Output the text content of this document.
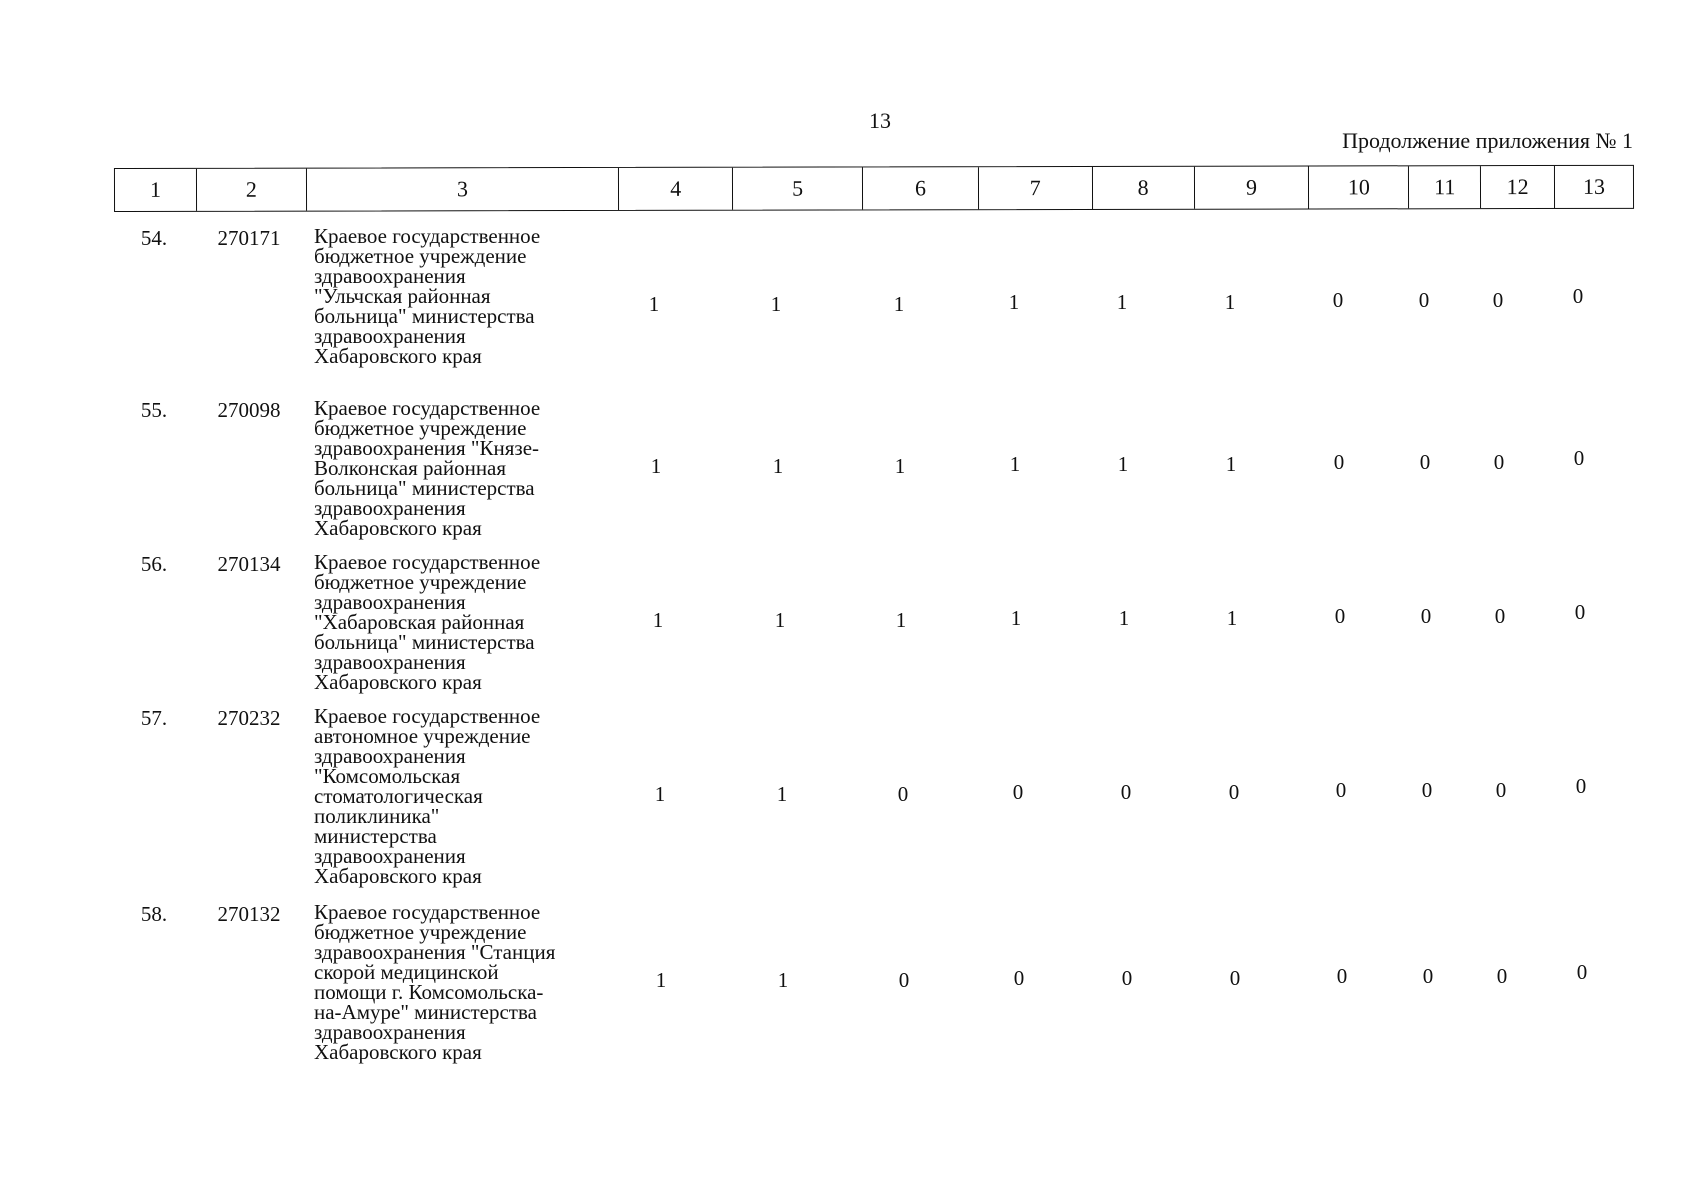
13
Продолжение приложения № 1
1	2	3	4	5	6	7	8	9	10	11	12	13
54.	270171	Краевое государственное
бюджетное учреждение
здравоохранения
"Ульчская районная
больница" министерства
здравоохранения
Хабаровского края
1	1	1	1	1	1	0	0	0	0
55.	270098	Краевое государственное
бюджетное учреждение
здравоохранения "Князе-
Волконская районная
больница" министерства
здравоохранения
Хабаровского края
1	1	1	1	1	1	0	0	0	0
56.	270134	Краевое государственное
бюджетное учреждение
здравоохранения
"Хабаровская районная
больница" министерства
здравоохранения
Хабаровского края
1	1	1	1	1	1	0	0	0	0
57.	270232	Краевое государственное
автономное учреждение
здравоохранения
"Комсомольская
стоматологическая
поликлиника"
министерства
здравоохранения
Хабаровского края
1	1	0	0	0	0	0	0	0	0
58.	270132	Краевое государственное
бюджетное учреждение
здравоохранения "Станция
скорой медицинской
помощи г. Комсомольска-
на-Амуре" министерства
здравоохранения
Хабаровского края
1	1	0	0	0	0	0	0	0	0
